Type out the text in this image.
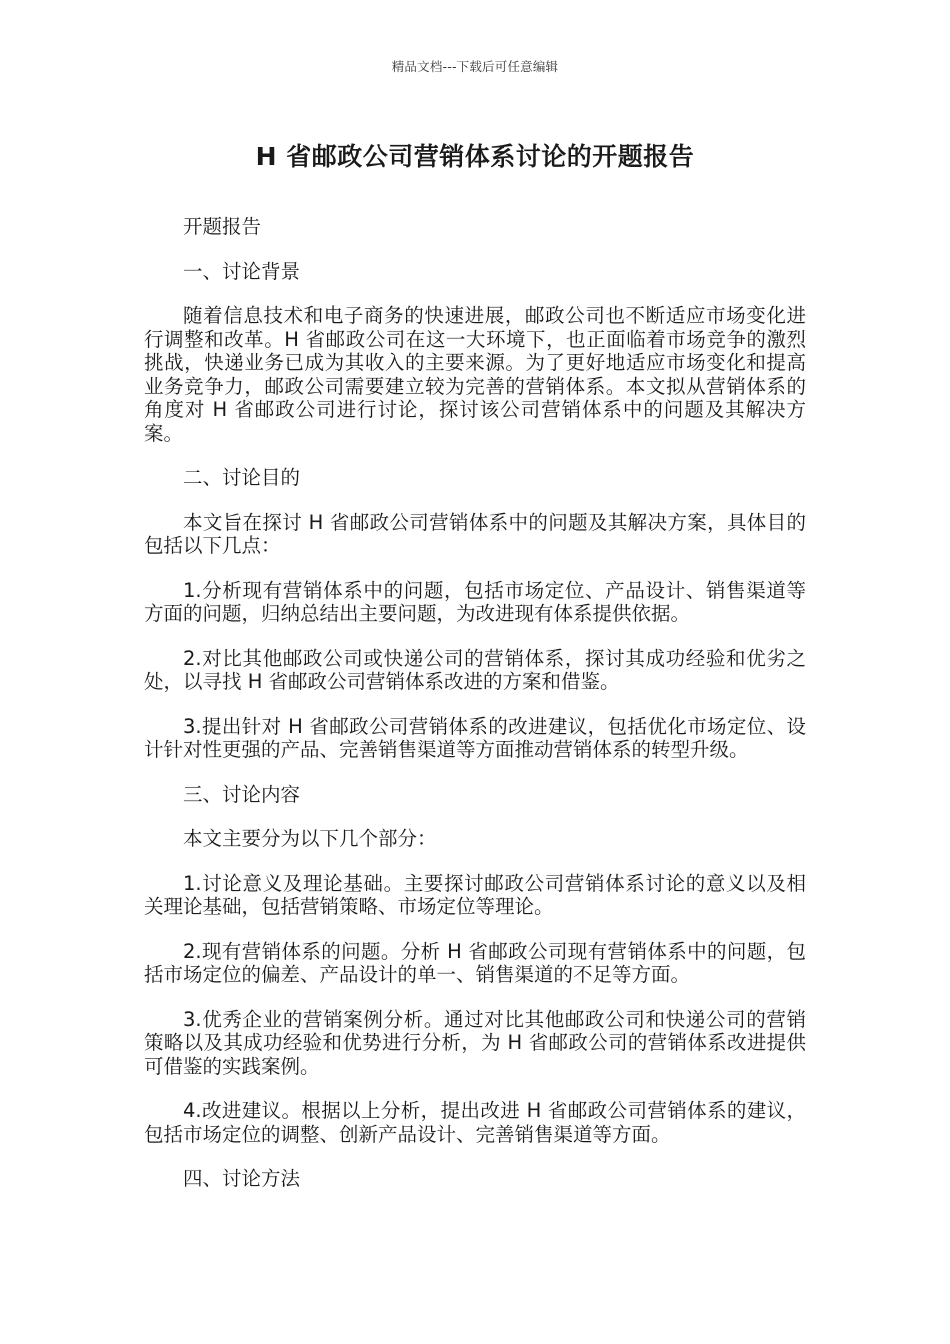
精品文档---下载后可任意编辑
H 省邮政公司营销体系讨论的开题报告

开题报告

一、讨论背景

随着信息技术和电子商务的快速进展，邮政公司也不断适应市场变化进行调整和改革。H 省邮政公司在这一大环境下，也正面临着市场竞争的激烈挑战，快递业务已成为其收入的主要来源。为了更好地适应市场变化和提高业务竞争力，邮政公司需要建立较为完善的营销体系。本文拟从营销体系的角度对 H 省邮政公司进行讨论，探讨该公司营销体系中的问题及其解决方案。

二、讨论目的

本文旨在探讨 H 省邮政公司营销体系中的问题及其解决方案，具体目的包括以下几点：

1.分析现有营销体系中的问题，包括市场定位、产品设计、销售渠道等方面的问题，归纳总结出主要问题，为改进现有体系提供依据。

2.对比其他邮政公司或快递公司的营销体系，探讨其成功经验和优劣之处，以寻找 H 省邮政公司营销体系改进的方案和借鉴。

3.提出针对 H 省邮政公司营销体系的改进建议，包括优化市场定位、设计针对性更强的产品、完善销售渠道等方面推动营销体系的转型升级。

三、讨论内容

本文主要分为以下几个部分：

1.讨论意义及理论基础。主要探讨邮政公司营销体系讨论的意义以及相关理论基础，包括营销策略、市场定位等理论。

2.现有营销体系的问题。分析 H 省邮政公司现有营销体系中的问题，包括市场定位的偏差、产品设计的单一、销售渠道的不足等方面。

3.优秀企业的营销案例分析。通过对比其他邮政公司和快递公司的营销策略以及其成功经验和优势进行分析，为 H 省邮政公司的营销体系改进提供可借鉴的实践案例。

4.改进建议。根据以上分析，提出改进 H 省邮政公司营销体系的建议，包括市场定位的调整、创新产品设计、完善销售渠道等方面。

四、讨论方法
